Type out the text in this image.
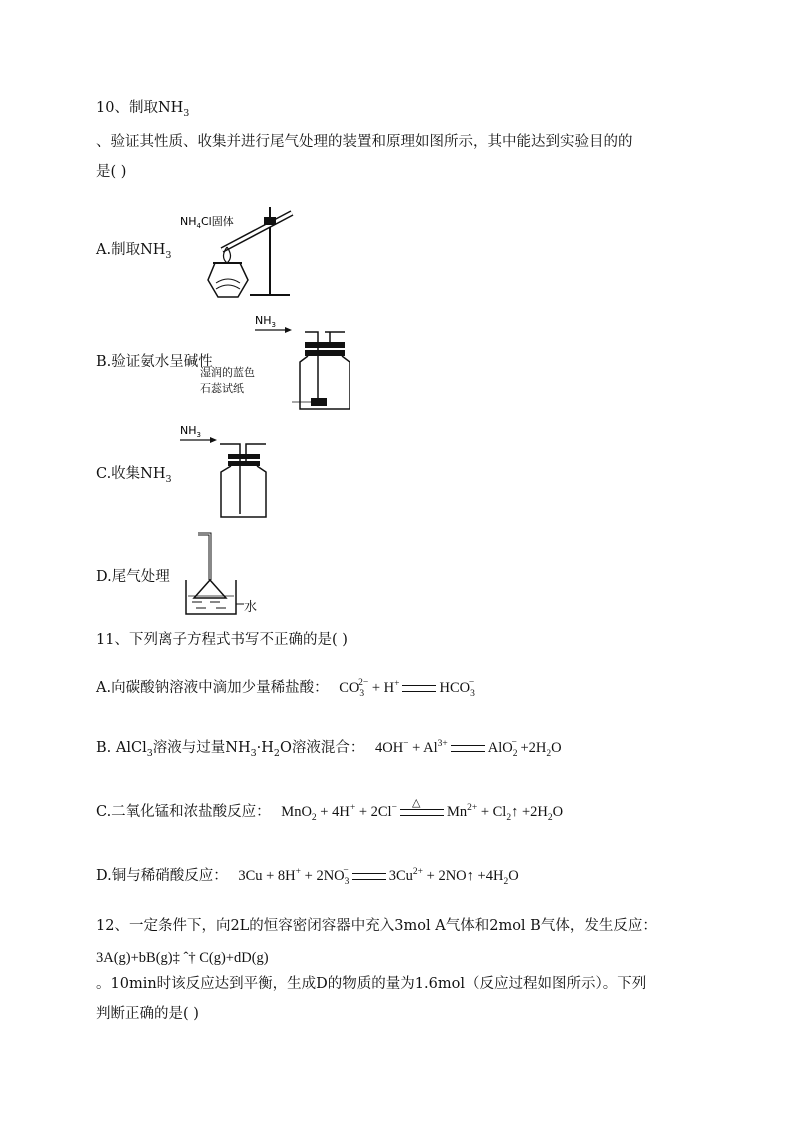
10、制取$NH_3$
、验证其性质、收集并进行尾气处理的装置和原理如图所示，其中能达到实验目的的
是( )
A.制取$NH_3$
$NH_4Cl$固体
B.验证氨水呈碱性
$NH_3$
湿润的蓝色
石蕊试纸
C.收集$NH_3$
$NH_3$
D.尾气处理
水
11、下列离子方程式书写不正确的是( )
A.向碳酸钠溶液中滴加少量稀盐酸： $CO_3^{2-} + H^+$	$HCO_3^-$
B. AlCl$_3$溶液与过量$NH_3\cdot H_2O$溶液混合： $4OH^- + Al^{3+}$	$AlO_2^- +2H_2O$
C.二氧化锰和浓盐酸反应： MnO$_2$ + 4H+ + 2Cl− △
$Mn^{2+}$ + $Cl_2↑ +2H_2O$
D.铜与稀硝酸反应： $3Cu + 8H^+ + 2NO_3^-$	$3Cu^{2+}$ + 2NO↑ $+4H_2O$
12、一定条件下，向2L的恒容密闭容器中充入3mol A气体和2mol B气体，发生反应：
3A(g)+bB(g)‡ ˆ† C(g)+dD(g)
。10min时该反应达到平衡，生成D的物质的量为1.6mol（反应过程如图所示）。下列
判断正确的是( )
